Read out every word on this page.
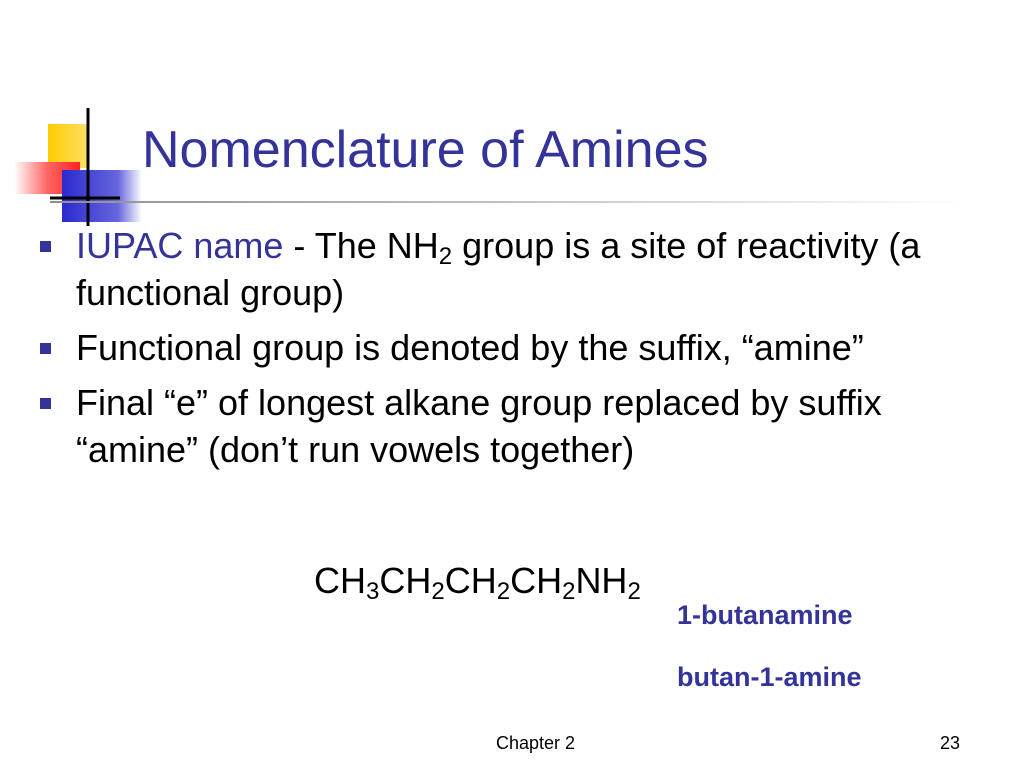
Nomenclature of Amines
IUPAC name - The $NH_2$ group is a site of reactivity (a functional group)
Functional group is denoted by the suffix, “amine”
Final “e” of longest alkane group replaced by suffix “amine” (don’t run vowels together)
$CH_3CH_2CH_2CH_2NH_2$
1-butanamine
butan-1-amine
Chapter 2	23
